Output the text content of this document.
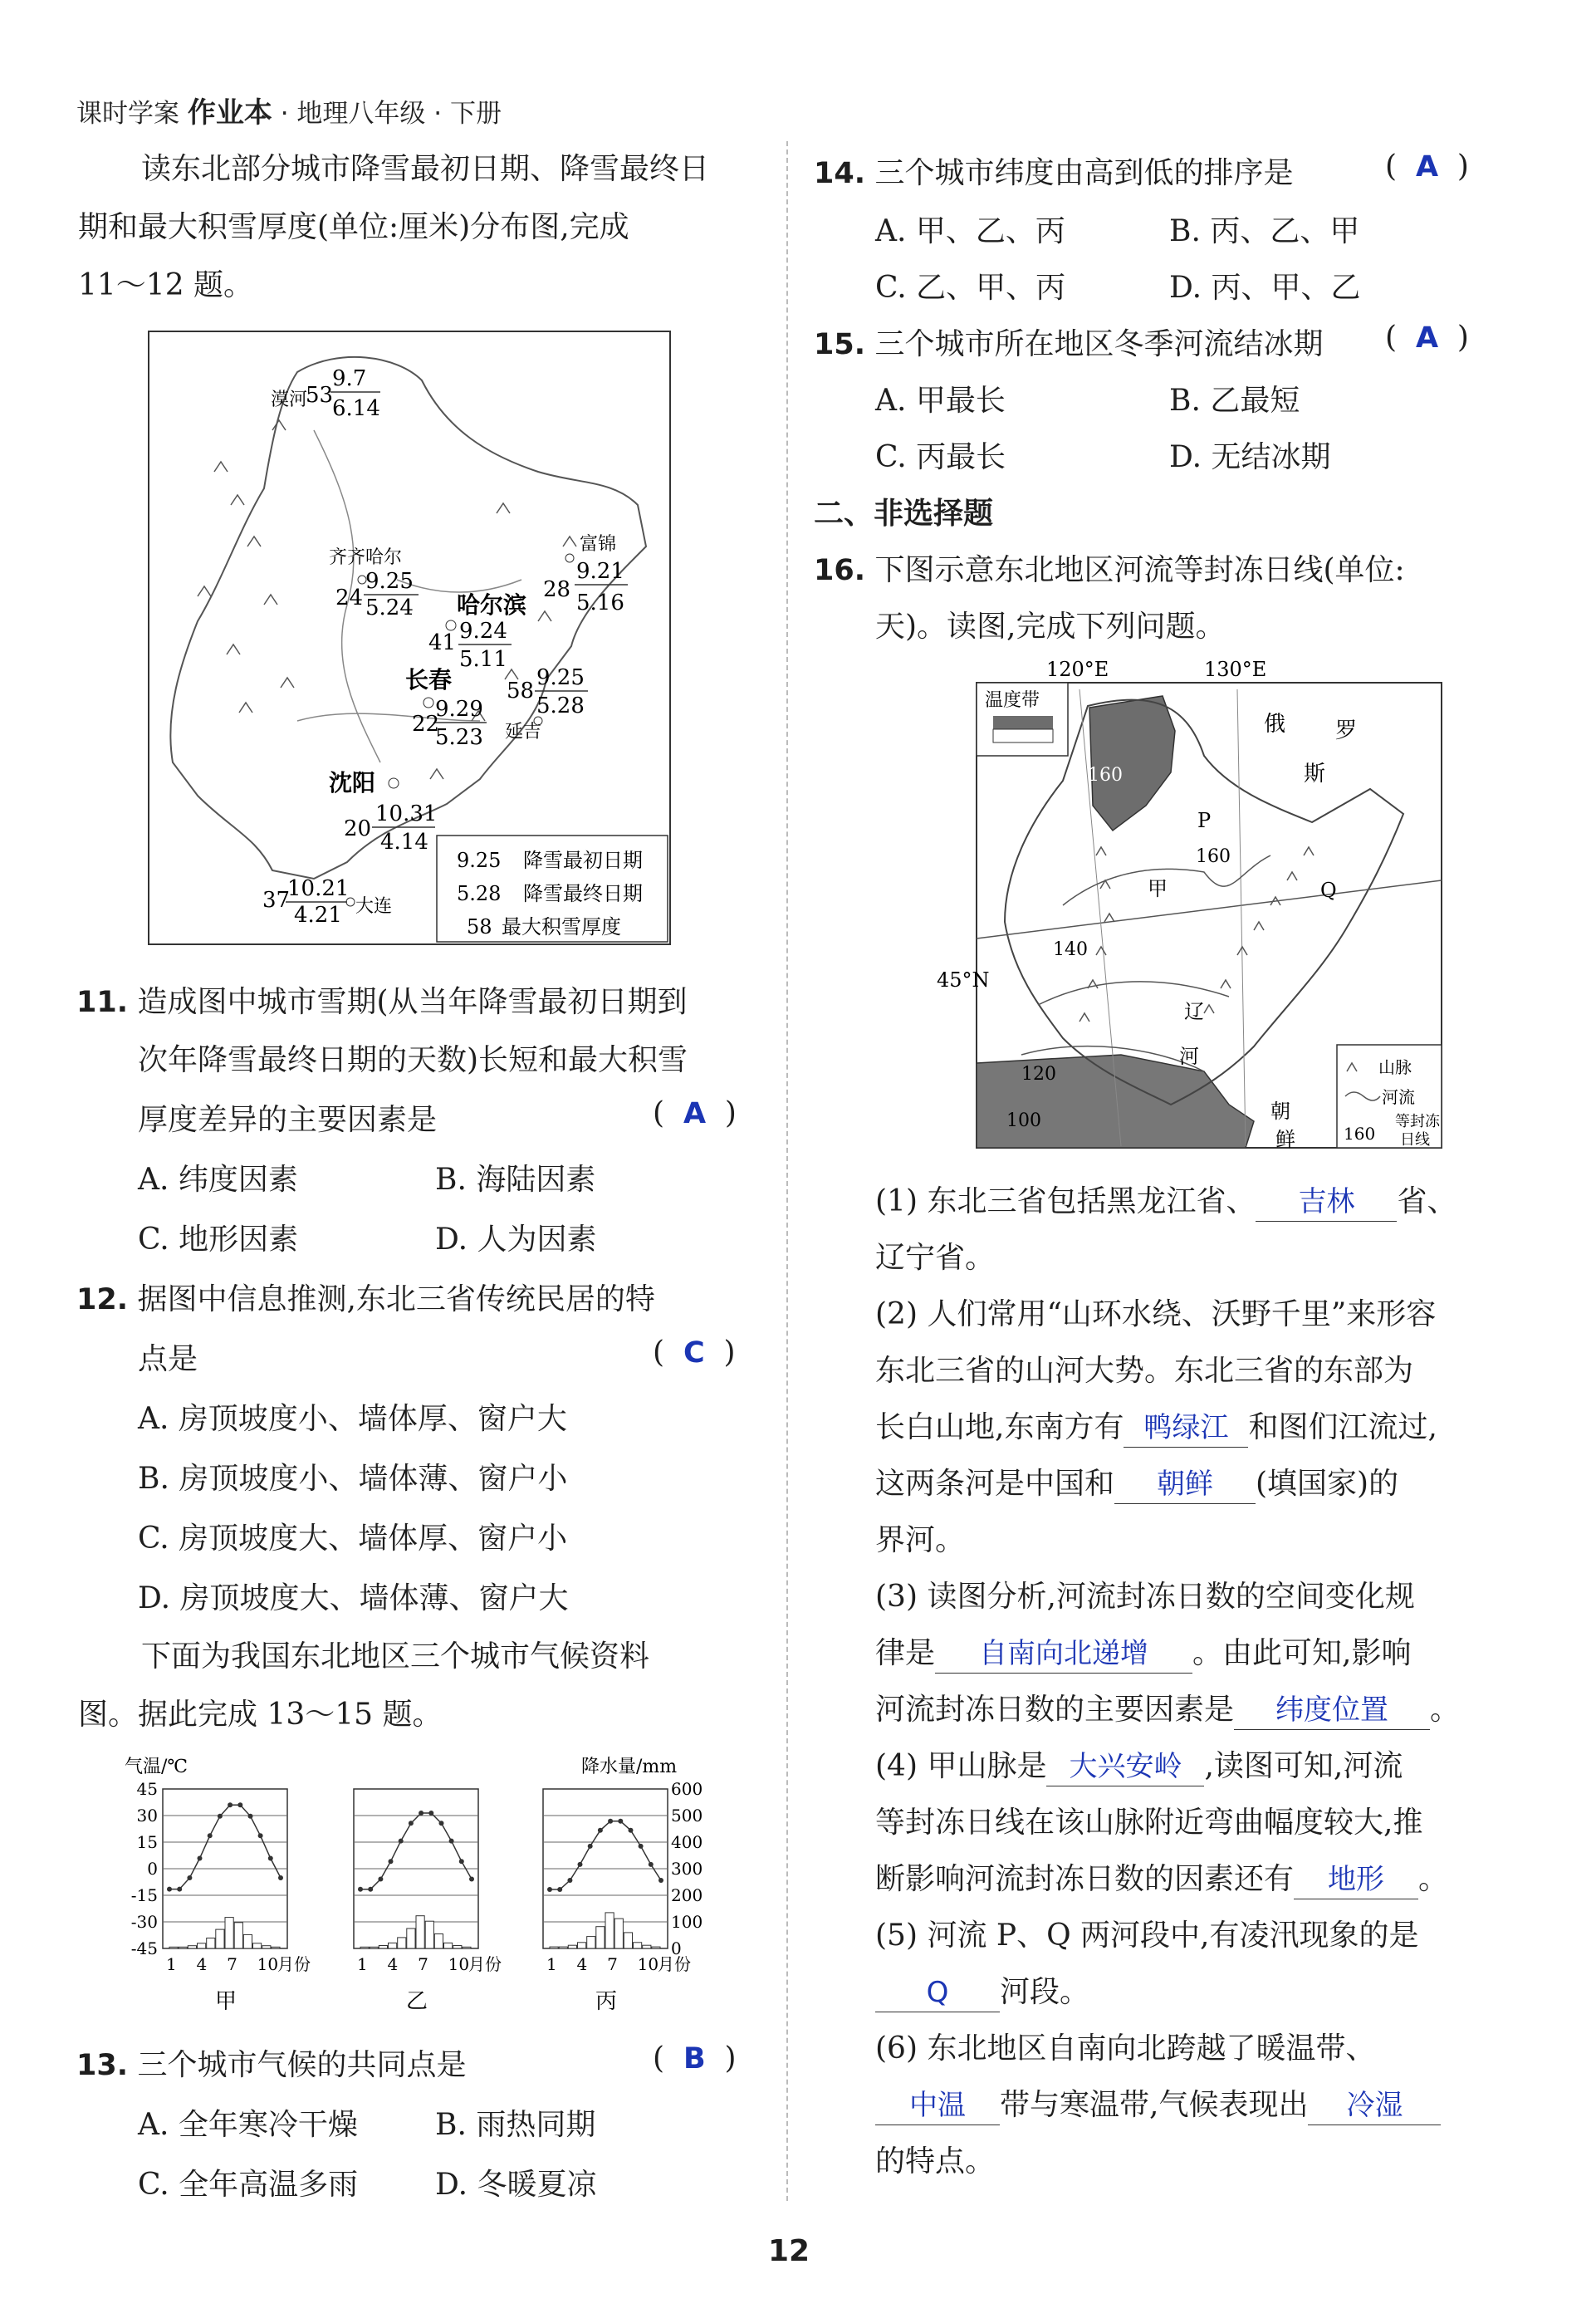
课时学案 作业本 · 地理八年级 · 下册
读东北部分城市降雪最初日期、降雪最终日
期和最大积雪厚度(单位:厘米)分布图,完成
11～12 题。
漠河
53
9.7
6.14
齐齐哈尔
9.25
5.24
24	哈尔滨
9.24
5.11
41
富锦
9.21
5.16
28
9.25
5.28
58
延吉
长春
9.29
5.23
22
沈阳
10.31
4.14
20
10.21
4.21
37	大连
9.25 降雪最初日期
5.28 降雪最终日期
58 最大积雪厚度
11. 造成图中城市雪期(从当年降雪最初日期到
次年降雪最终日期的天数)长短和最大积雪
厚度差异的主要因素是	(  A  )
A. 纬度因素	B. 海陆因素
C. 地形因素	D. 人为因素
12. 据图中信息推测,东北三省传统民居的特
点是	(  C  )
A. 房顶坡度小、墙体厚、窗户大
B. 房顶坡度小、墙体薄、窗户小
C. 房顶坡度大、墙体厚、窗户小
D. 房顶坡度大、墙体薄、窗户大
下面为我国东北地区三个城市气候资料
图。据此完成 13～15 题。
气温/℃	降水量/mm
45
30
15
0
-15
-30
-45
600
500
400
300
200
100
0
1 4 7 10
月份
甲
1 4 7 10
月份
乙
1 4 7 10
月份
丙
13. 三个城市气候的共同点是	(  B  )
A. 全年寒冷干燥	B. 雨热同期
C. 全年高温多雨	D. 冬暖夏凉
14. 三个城市纬度由高到低的排序是	(  A  )
A. 甲、乙、丙	B. 丙、乙、甲
C. 乙、甲、丙	D. 丙、甲、乙
15. 三个城市所在地区冬季河流结冰期 (  A  )
A. 甲最长	B. 乙最短
C. 丙最长	D. 无结冰期
二、非选择题
16. 下图示意东北地区河流等封冻日线(单位:
天)。读图,完成下列问题。
120°E	130°E
温度带
俄 罗
斯
160
160
140
120
100
45°N
甲
P
Q
辽
河
朝
鲜
山脉
河流
160
等封冻
日线
(1) 东北三省包括黑龙江省、 吉林 省、
辽宁省。
(2) 人们常用“山环水绕、沃野千里”来形容
东北三省的山河大势。东北三省的东部为
长白山地,东南方有 鸭绿江 和图们江流过,
这两条河是中国和 朝鲜 (填国家)的
界河。
(3) 读图分析,河流封冻日数的空间变化规
律是 自南向北递增 。由此可知,影响
河流封冻日数的主要因素是 纬度位置 。
(4) 甲山脉是 大兴安岭 ,读图可知,河流
等封冻日线在该山脉附近弯曲幅度较大,推
断影响河流封冻日数的因素还有 地形 。
(5) 河流 P、Q 两河段中,有凌汛现象的是
Q 河段。
(6) 东北地区自南向北跨越了暖温带、
中温 带与寒温带,气候表现出 冷湿
的特点。
12
